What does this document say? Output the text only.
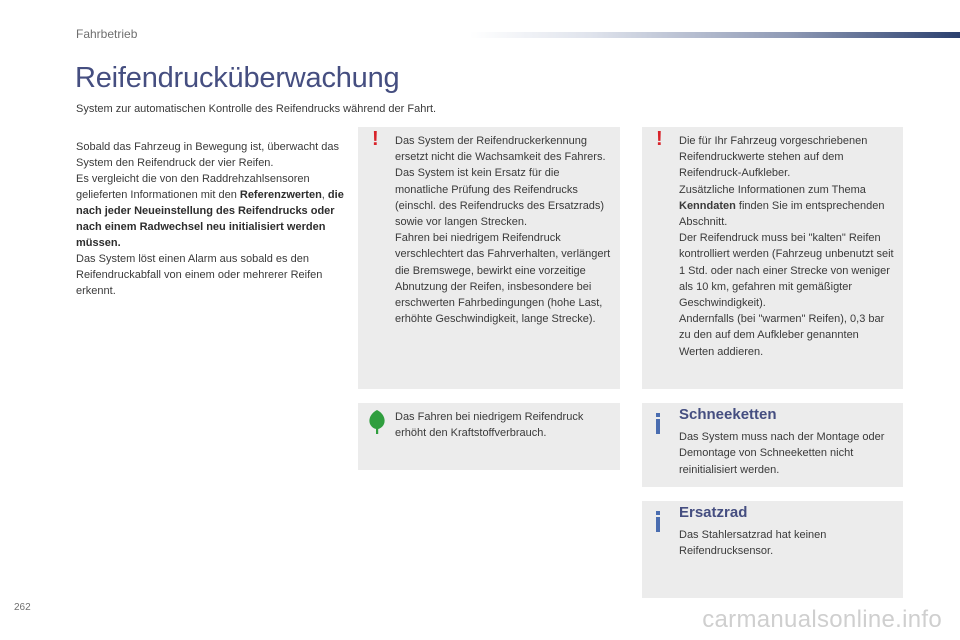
Fahrbetrieb
Reifendrucküberwachung
System zur automatischen Kontrolle des Reifendrucks während der Fahrt.
Sobald das Fahrzeug in Bewegung ist, überwacht das System den Reifendruck der vier Reifen.
Es vergleicht die von den Raddrehzahlsensoren gelieferten Informationen mit den Referenzwerten, die nach jeder Neueinstellung des Reifendrucks oder nach einem Radwechsel neu initialisiert werden müssen.
Das System löst einen Alarm aus sobald es den Reifendruckabfall von einem oder mehrerer Reifen erkennt.
! Das System der Reifendruckerkennung ersetzt nicht die Wachsamkeit des Fahrers.
Das System ist kein Ersatz für die monatliche Prüfung des Reifendrucks (einschl. des Reifendrucks des Ersatzrads) sowie vor langen Strecken.
Fahren bei niedrigem Reifendruck verschlechtert das Fahrverhalten, verlängert die Bremswege, bewirkt eine vorzeitige Abnutzung der Reifen, insbesondere bei erschwerten Fahrbedingungen (hohe Last, erhöhte Geschwindigkeit, lange Strecke).
! Die für Ihr Fahrzeug vorgeschriebenen Reifendruckwerte stehen auf dem Reifendruck-Aufkleber.
Zusätzliche Informationen zum Thema Kenndaten finden Sie im entsprechenden Abschnitt.
Der Reifendruck muss bei "kalten" Reifen kontrolliert werden (Fahrzeug unbenutzt seit 1 Std. oder nach einer Strecke von weniger als 10 km, gefahren mit gemäßigter Geschwindigkeit).
Andernfalls (bei "warmen" Reifen), 0,3 bar zu den auf dem Aufkleber genannten Werten addieren.
Das Fahren bei niedrigem Reifendruck erhöht den Kraftstoffverbrauch.
Schneeketten
Das System muss nach der Montage oder Demontage von Schneeketten nicht reinitialisiert werden.
Ersatzrad
Das Stahlersatzrad hat keinen Reifendrucksensor.
262	carmanualsonline.info
